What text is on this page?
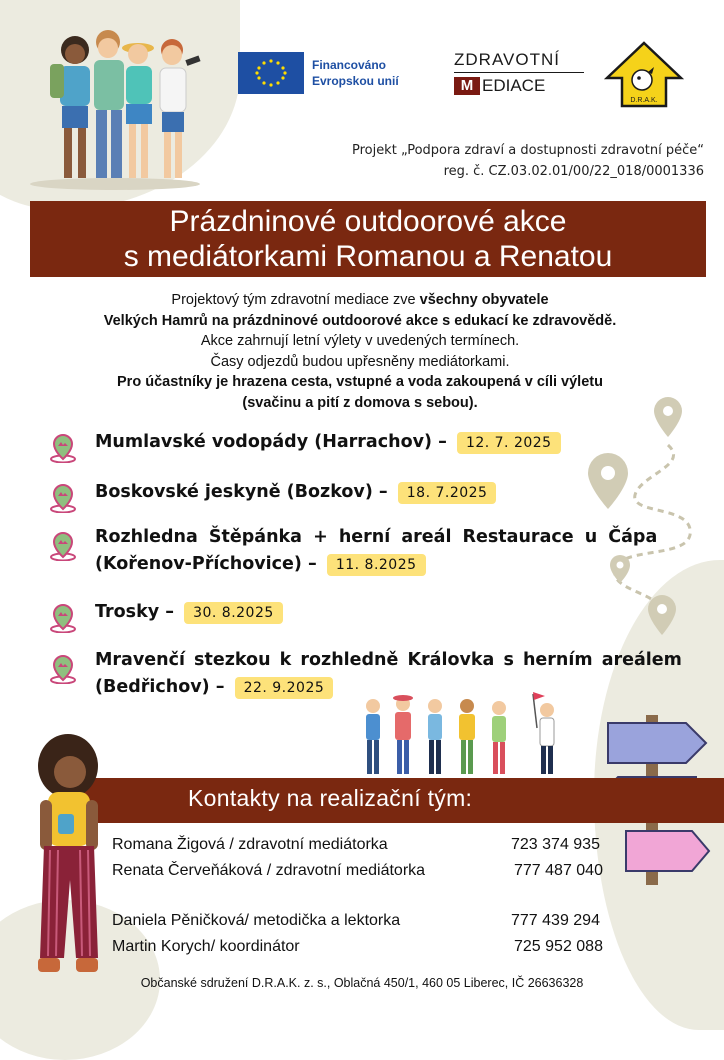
Financováno
Evropskou unií
ZDRAVOTNÍ
M EDIACE
D.R.A.K.
Projekt „Podpora zdraví a dostupnosti zdravotní péče“
reg. č. CZ.03.02.01/00/22_018/0001336
Prázdninové outdoorové akce
s mediátorkami Romanou a Renatou
Projektový tým zdravotní mediace zve všechny obyvatele
Velkých Hamrů na prázdninové outdoorové akce s edukací ke zdravovědě.
Akce zahrnují letní výlety v uvedených termínech.
Časy odjezdů budou upřesněny mediátorkami.
Pro účastníky je hrazena cesta, vstupné a voda zakoupená v cíli výletu
(svačinu a pití z domova s sebou).
Mumlavské vodopády (Harrachov) – 12. 7. 2025
Boskovské jeskyně (Bozkov) – 18. 7.2025
Rozhledna Štěpánka + herní areál Restaurace u Čápa
(Kořenov-Příchovice) – 11. 8.2025
Trosky – 30. 8.2025
Mravenčí stezkou k rozhledně Královka s herním areálem
(Bedřichov) – 22. 9.2025
Kontakty na realizační tým:
Romana Žigová / zdravotní mediátorka	723 374 935
Renata Červeňáková / zdravotní mediátorka	777 487 040
Daniela Pěničková/ metodička a lektorka	777 439 294
Martin Korych/ koordinátor	725 952 088
Občanské sdružení D.R.A.K. z. s., Oblačná 450/1, 460 05 Liberec, IČ 26636328
